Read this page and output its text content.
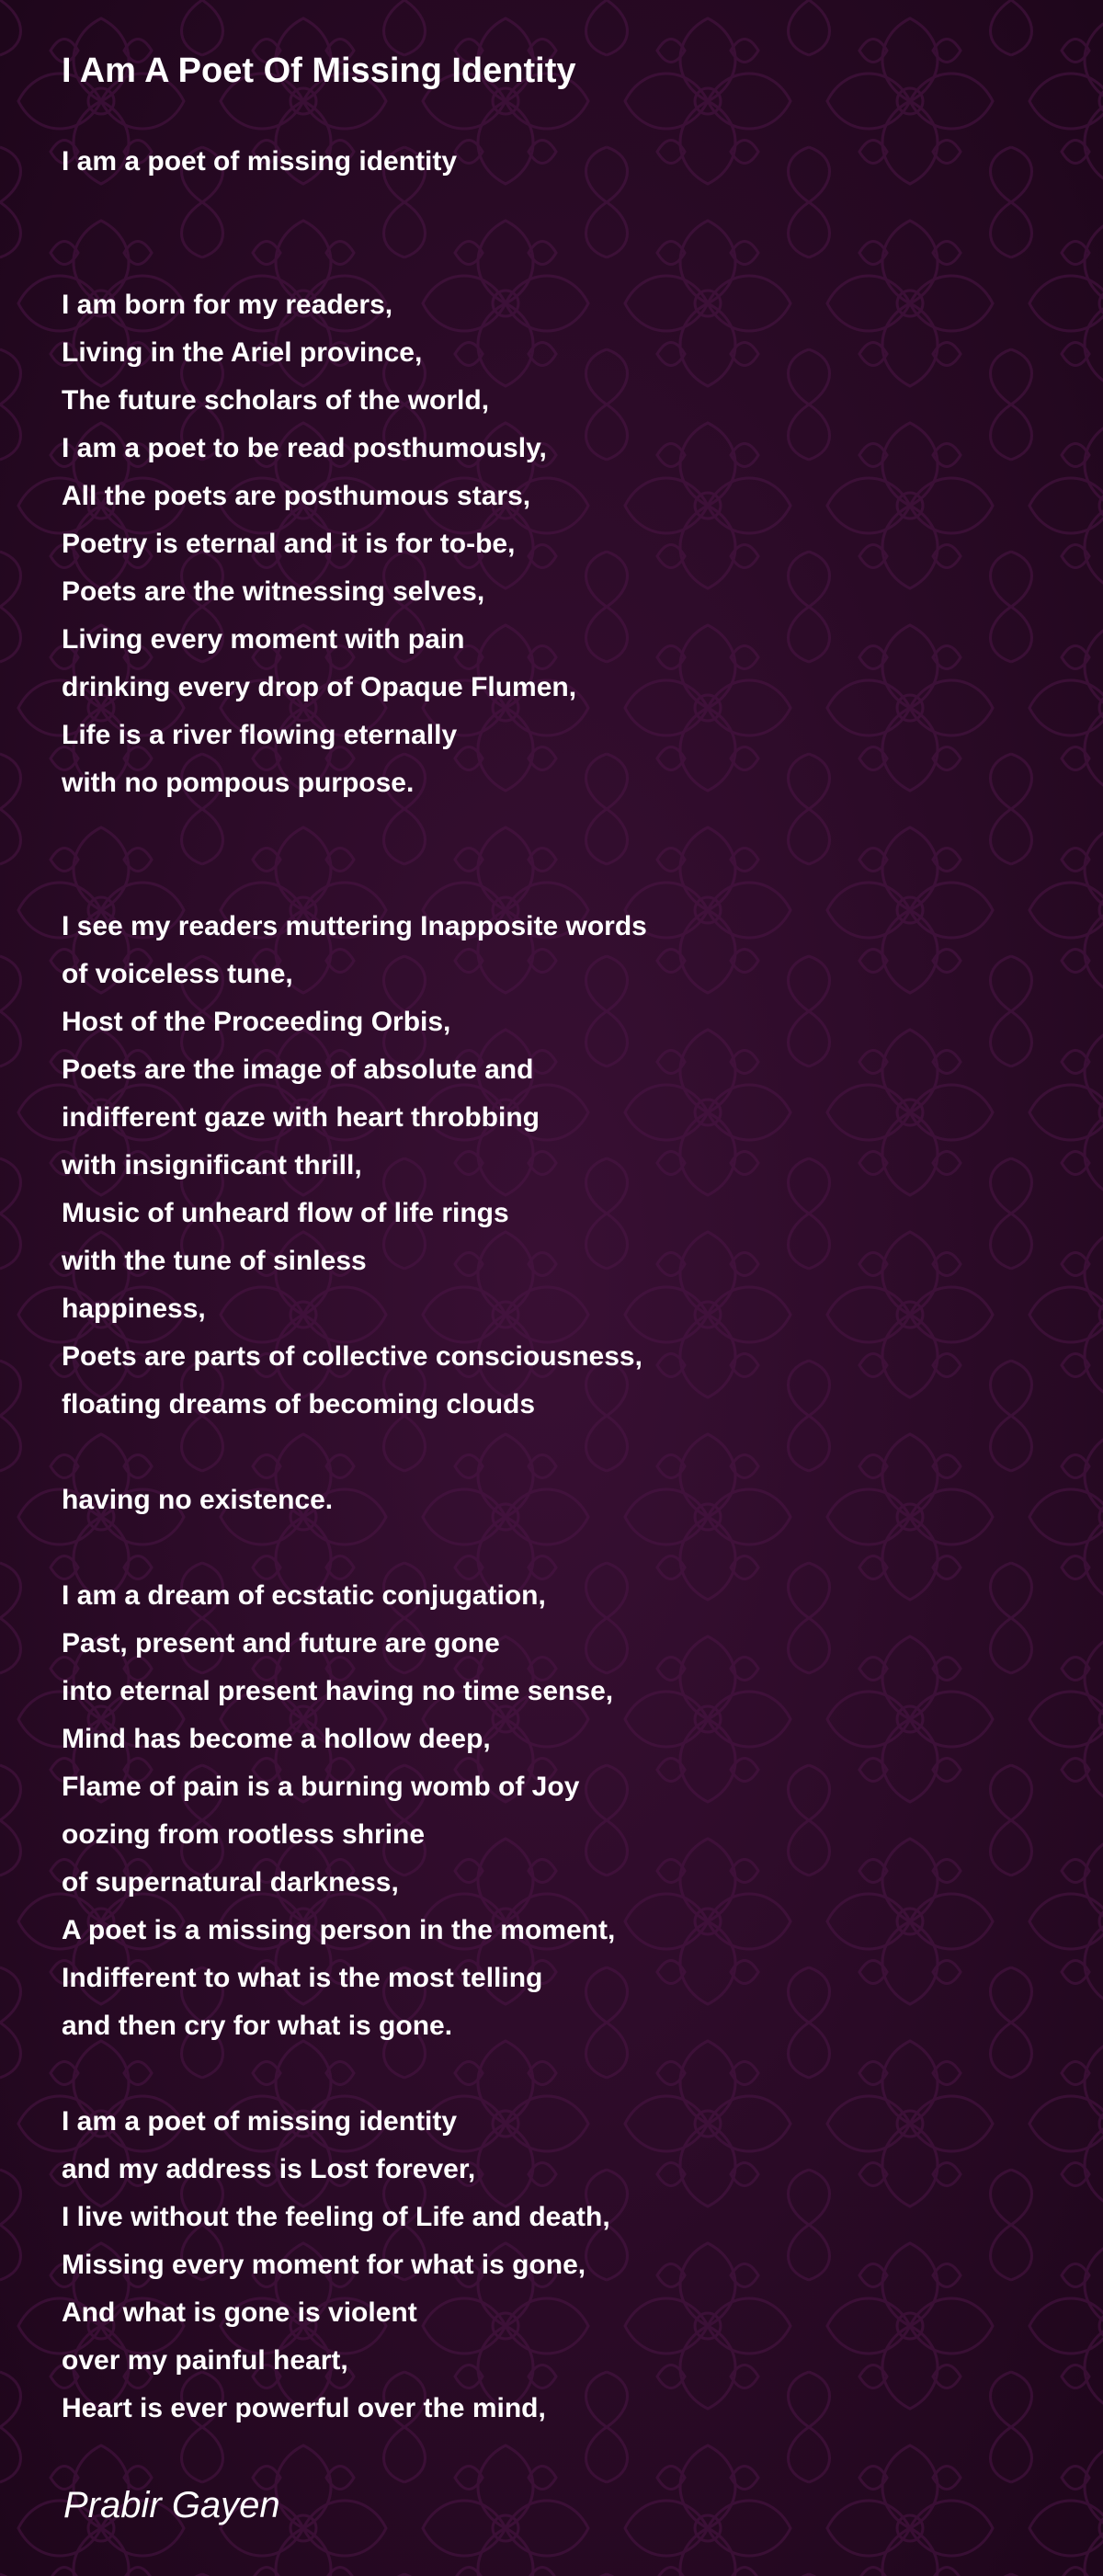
I Am A Poet Of Missing Identity
I am a poet of missing identity

I am born for my readers,
Living in the Ariel province,
The future scholars of the world,
I am a poet to be read posthumously,
All the poets are posthumous stars,
Poetry is eternal and it is for to-be,
Poets are the witnessing selves,
Living every moment with pain
drinking every drop of Opaque Flumen,
Life is a river flowing eternally
with no pompous purpose.

I see my readers muttering Inapposite words
of voiceless tune,
Host of the Proceeding Orbis,
Poets are the image of absolute and
indifferent gaze with heart throbbing
with insignificant thrill,
Music of unheard flow of life rings
with the tune of sinless
happiness,
Poets are parts of collective consciousness,
floating dreams of becoming clouds

having no existence.

I am a dream of ecstatic conjugation,
Past, present and future are gone
into eternal present having no time sense,
Mind has become a hollow deep,
Flame of pain is a burning womb of Joy
oozing from rootless shrine
of supernatural darkness,
A poet is a missing person in the moment,
Indifferent to what is the most telling
and then cry for what is gone.

I am a poet of missing identity
and my address is Lost forever,
I live without the feeling of Life and death,
Missing every moment for what is gone,
And what is gone is violent
over my painful heart,
Heart is ever powerful over the mind,
Prabir Gayen
